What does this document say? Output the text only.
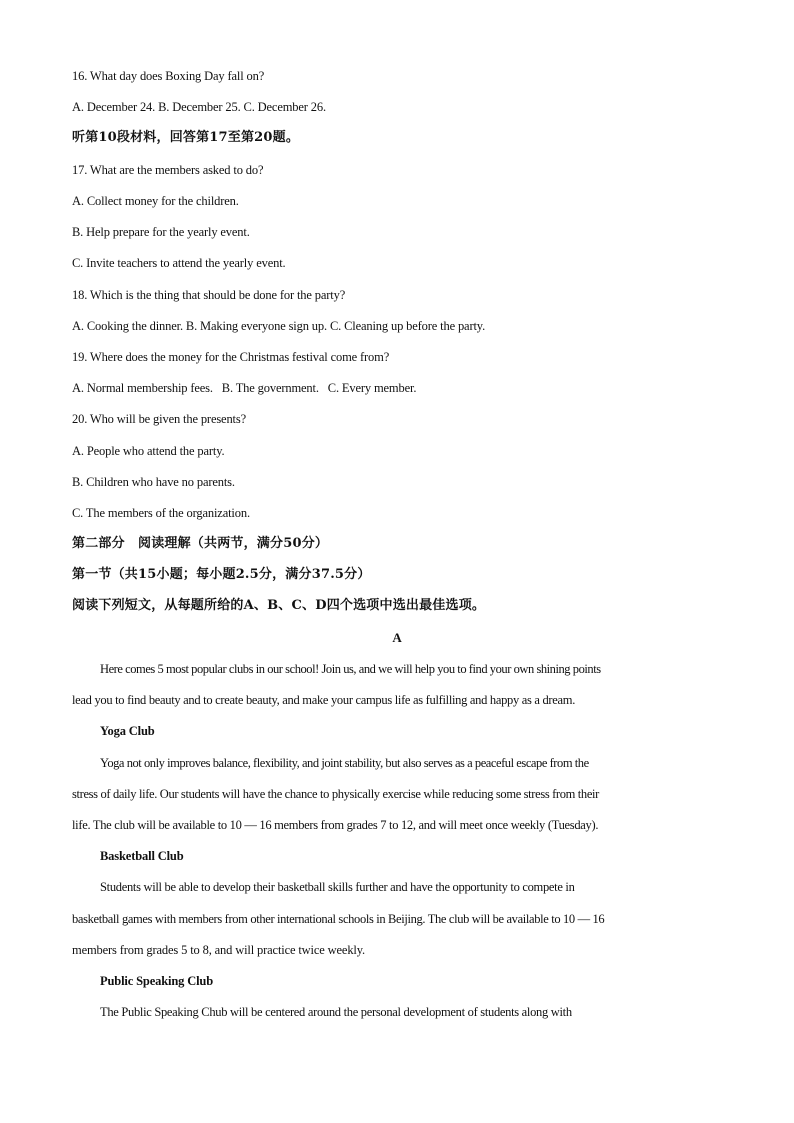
16. What day does Boxing Day fall on?
A. December 24. B. December 25. C. December 26.
听第10段材料，回答第17至第20题。
17. What are the members asked to do?
A. Collect money for the children.
B. Help prepare for the yearly event.
C. Invite teachers to attend the yearly event.
18. Which is the thing that should be done for the party?
A. Cooking the dinner. B. Making everyone sign up. C. Cleaning up before the party.
19. Where does the money for the Christmas festival come from?
A. Normal membership fees.   B. The government.   C. Every member.
20. Who will be given the presents?
A. People who attend the party.
B. Children who have no parents.
C. The members of the organization.
第二部分　阅读理解（共两节，满分50分）
第一节（共15小题；每小题2.5分，满分37.5分）
阅读下列短文，从每题所给的A、B、C、D四个选项中选出最佳选项。
A
Here comes 5 most popular clubs in our school! Join us, and we will help you to find your own shining points
lead you to find beauty and to create beauty, and make your campus life as fulfilling and happy as a dream.
Yoga Club
Yoga not only improves balance, flexibility, and joint stability, but also serves as a peaceful escape from the
stress of daily life. Our students will have the chance to physically exercise while reducing some stress from their
life. The club will be available to 10 — 16 members from grades 7 to 12, and will meet once weekly (Tuesday).
Basketball Club
Students will be able to develop their basketball skills further and have the opportunity to compete in
basketball games with members from other international schools in Beijing. The club will be available to 10 — 16
members from grades 5 to 8, and will practice twice weekly.
Public Speaking Club
The Public Speaking Chub will be centered around the personal development of students along with
